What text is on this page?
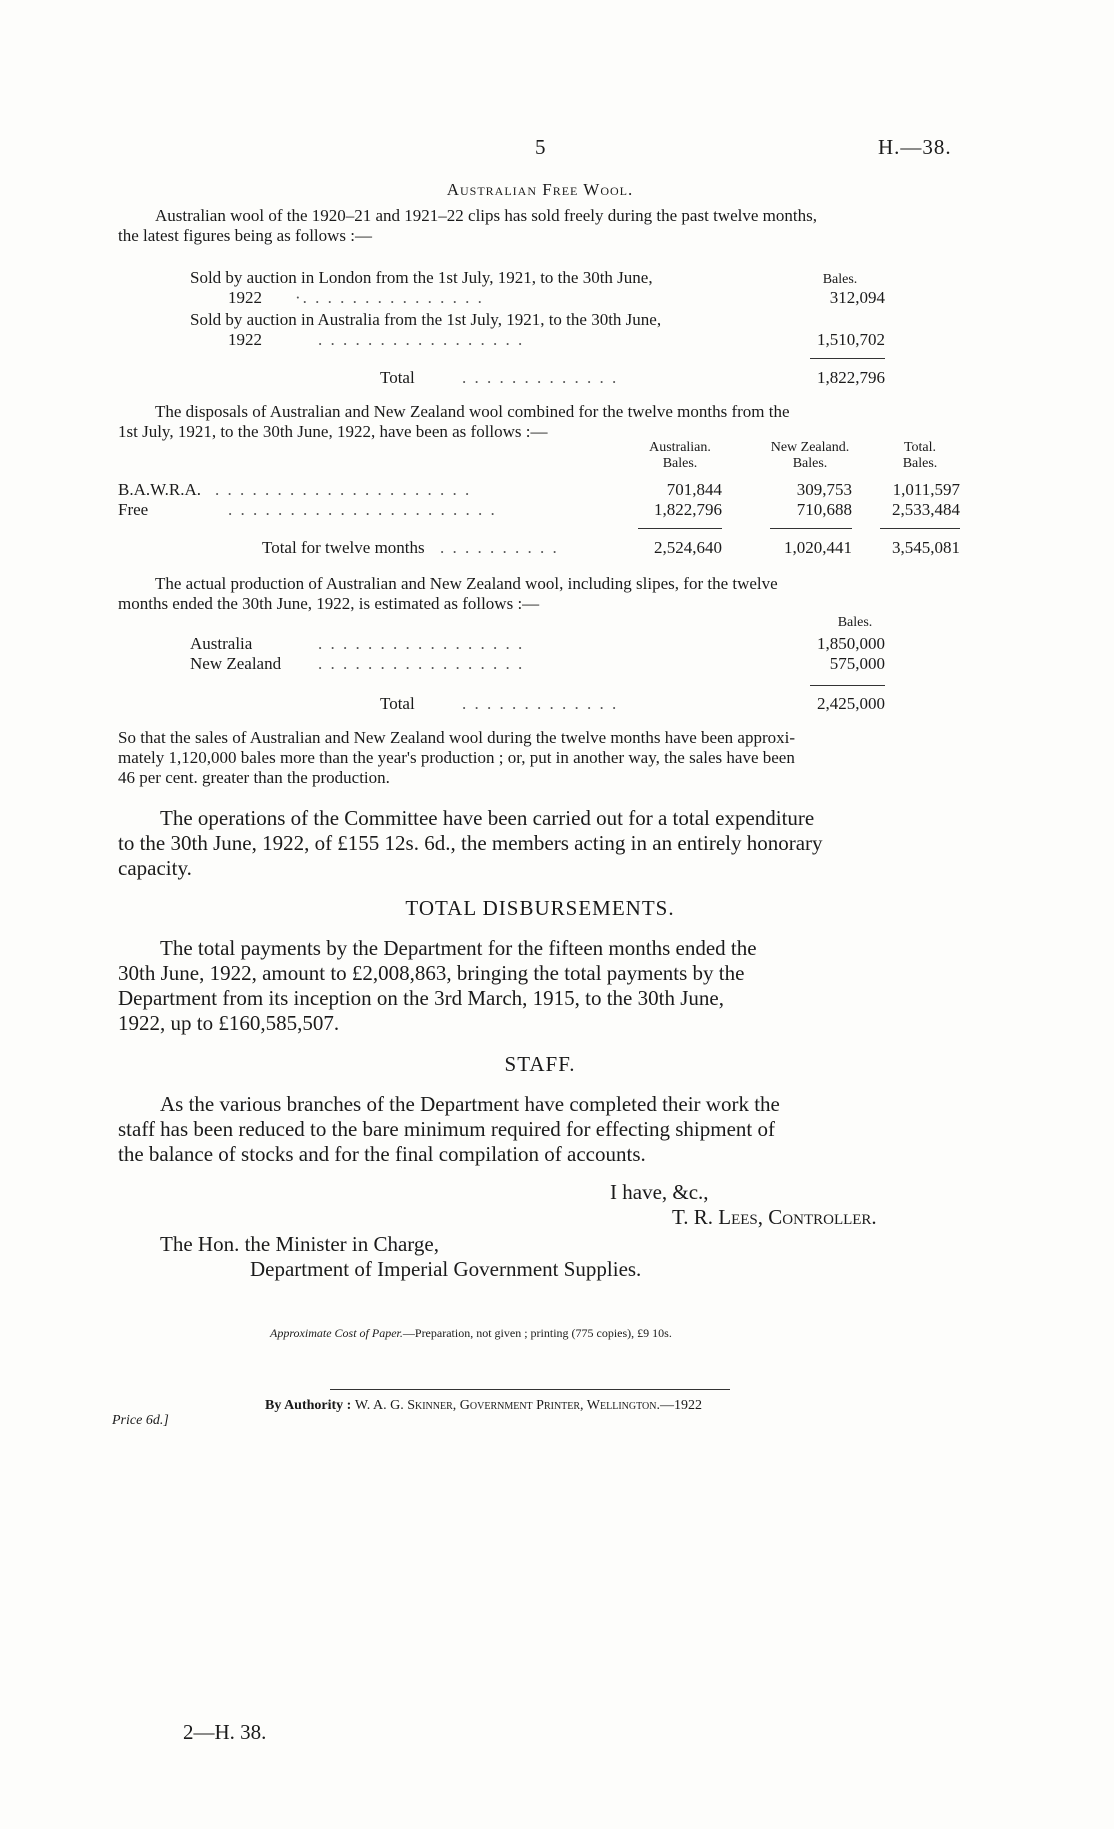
5	H.—38.
Australian Free Wool.
Australian wool of the 1920–21 and 1921–22 clips has sold freely during the past twelve months,
the latest figures being as follows :—
Bales.
Sold by auction in London from the 1st July, 1921, to the 30th June,
1922 ·. . . . . . . . . . . . . . .	312,094
Sold by auction in Australia from the 1st July, 1921, to the 30th June,
1922	. . . . . . . . . . . . . . . . .	1,510,702
Total	. . . . . . . . . . . . .	1,822,796
The disposals of Australian and New Zealand wool combined for the twelve months from the
1st July, 1921, to the 30th June, 1922, have been as follows :—
Australian.
Bales.
New Zealand.
Bales.
Total.
Bales.
B.A.W.R.A. . . . . . . . . . . . . . . . . . . . . .	701,844	309,753	1,011,597
Free	. . . . . . . . . . . . . . . . . . . . . .	1,822,796	710,688	2,533,484
Total for twelve months . . . . . . . . . .	2,524,640	1,020,441	3,545,081
The actual production of Australian and New Zealand wool, including slipes, for the twelve
months ended the 30th June, 1922, is estimated as follows :—
Bales.
Australia	. . . . . . . . . . . . . . . . .	1,850,000
New Zealand . . . . . . . . . . . . . . . . .	575,000
Total	. . . . . . . . . . . . .	2,425,000
So that the sales of Australian and New Zealand wool during the twelve months have been approxi-
mately 1,120,000 bales more than the year's production ; or, put in another way, the sales have been
46 per cent. greater than the production.
The operations of the Committee have been carried out for a total expenditure
to the 30th June, 1922, of £155 12s. 6d., the members acting in an entirely honorary
capacity.
TOTAL DISBURSEMENTS.
The total payments by the Department for the fifteen months ended the
30th June, 1922, amount to £2,008,863, bringing the total payments by the
Department from its inception on the 3rd March, 1915, to the 30th June,
1922, up to £160,585,507.
STAFF.
As the various branches of the Department have completed their work the
staff has been reduced to the bare minimum required for effecting shipment of
the balance of stocks and for the final compilation of accounts.
I have, &c.,
T. R. Lees, Controller.
The Hon. the Minister in Charge,
Department of Imperial Government Supplies.
Approximate Cost of Paper.—Preparation, not given ; printing (775 copies), £9 10s.
By Authority : W. A. G. Skinner, Government Printer, Wellington.—1922
Price 6d.]
2—H. 38.
